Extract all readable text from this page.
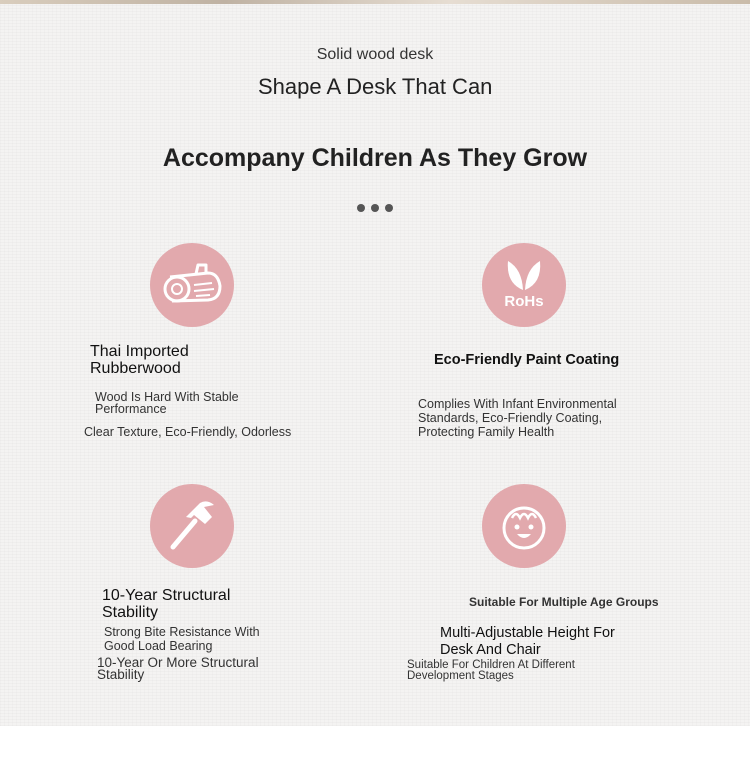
Solid wood desk
Shape A Desk That Can
Accompany Children As They Grow
Thai Imported Rubberwood
Wood Is Hard With Stable Performance
Clear Texture, Eco-Friendly, Odorless
RoHs
Eco-Friendly Paint Coating
Complies With Infant Environmental Standards, Eco-Friendly Coating, Protecting Family Health
10-Year Structural Stability
Strong Bite Resistance With Good Load Bearing
10-Year Or More Structural Stability
Suitable For Multiple Age Groups
Multi-Adjustable Height For Desk And Chair
Suitable For Children At Different Development Stages
